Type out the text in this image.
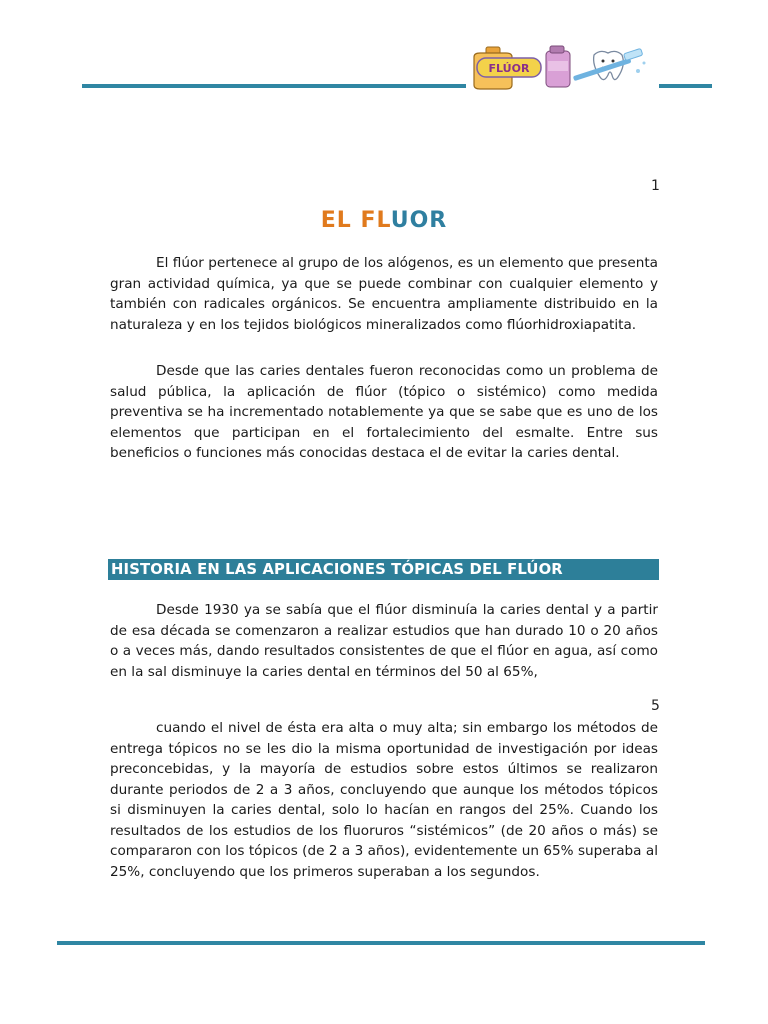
FLÚOR
1
EL FLUOR

El flúor pertenece al grupo de los alógenos, es un elemento que presenta gran actividad química, ya que se puede combinar con cualquier elemento y también con radicales orgánicos. Se encuentra ampliamente distribuido en la naturaleza y en los tejidos biológicos mineralizados como flúorhidroxiapatita.

Desde que las caries dentales fueron reconocidas como un problema de salud pública, la aplicación de flúor (tópico o sistémico) como medida preventiva se ha incrementado notablemente ya que se sabe que es uno de los elementos que participan en el fortalecimiento del esmalte. Entre sus beneficios o funciones más conocidas destaca el de evitar la caries dental.

HISTORIA EN LAS APLICACIONES TÓPICAS DEL FLÚOR

Desde 1930 ya se sabía que el flúor disminuía la caries dental y a partir de esa década se comenzaron a realizar estudios que han durado 10 o 20 años o a veces más, dando resultados consistentes de que el flúor en agua, así como en la sal disminuye la caries dental en términos del 50 al 65%,

5

cuando el nivel de ésta era alta o muy alta; sin embargo los métodos de entrega tópicos no se les dio la misma oportunidad de investigación por ideas preconcebidas, y la mayoría de estudios sobre estos últimos se realizaron durante periodos de 2 a 3 años, concluyendo que aunque los métodos tópicos si disminuyen la caries dental, solo lo hacían en rangos del 25%. Cuando los resultados de los estudios de los fluoruros “sistémicos” (de 20 años o más) se compararon con los tópicos (de 2 a 3 años), evidentemente un 65% superaba al 25%, concluyendo que los primeros superaban a los segundos.
